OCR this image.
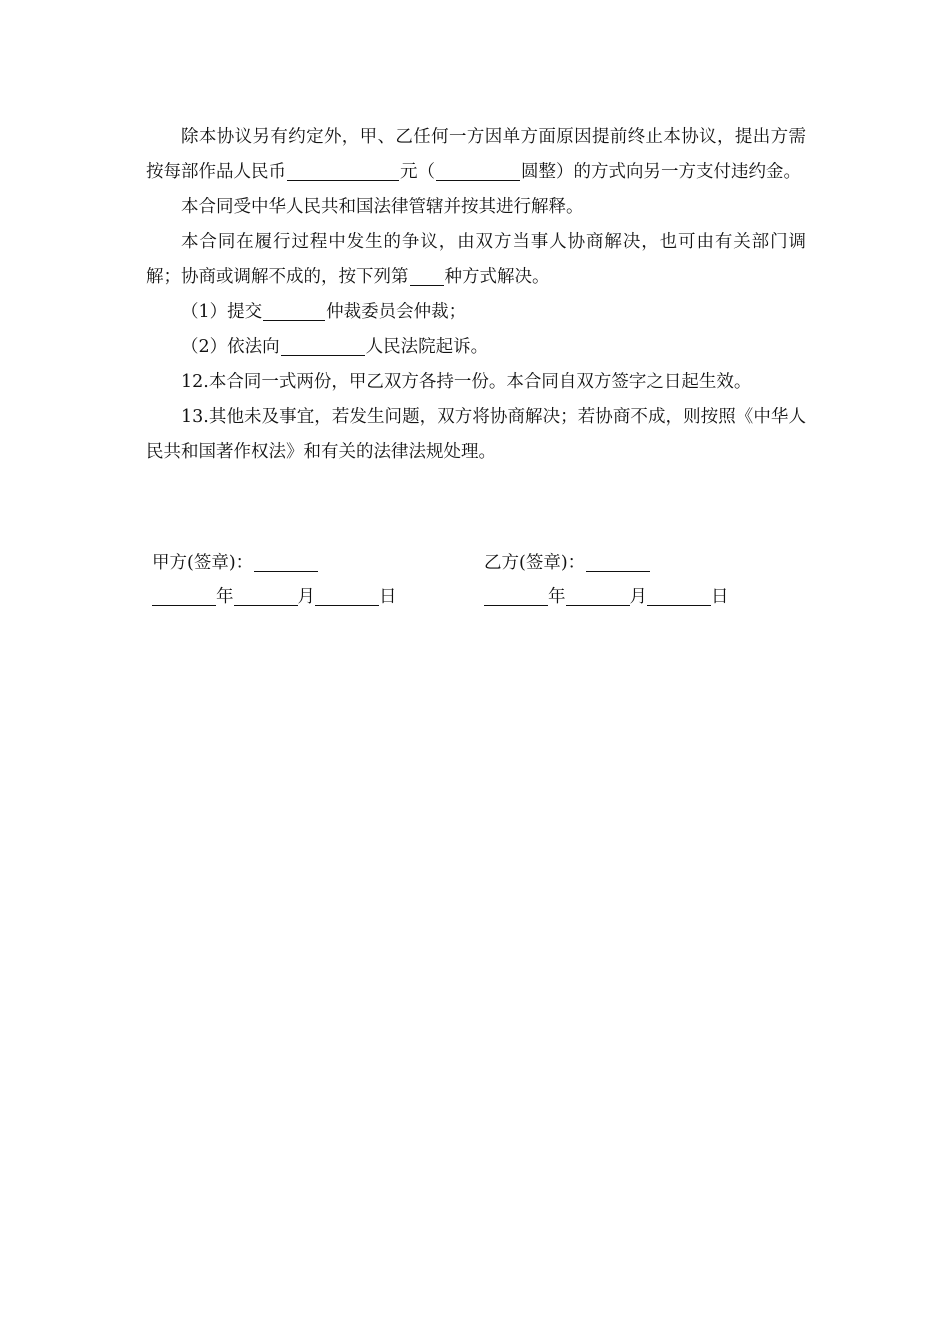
除本协议另有约定外，甲、乙任何一方因单方面原因提前终止本协议，提出方需按每部作品人民币	元（	圆整）的方式向另一方支付违约金。

本合同受中华人民共和国法律管辖并按其进行解释。

本合同在履行过程中发生的争议，由双方当事人协商解决，也可由有关部门调解；协商或调解不成的，按下列第 种方式解决。

（1）提交	仲裁委员会仲裁；

（2）依法向	人民法院起诉。

12.本合同一式两份，甲乙双方各持一份。本合同自双方签字之日起生效。

13.其他未及事宜，若发生问题，双方将协商解决；若协商不成，则按照《中华人民共和国著作权法》和有关的法律法规处理。

甲方(签章)：
年	月	日
乙方(签章)：
年	月	日
